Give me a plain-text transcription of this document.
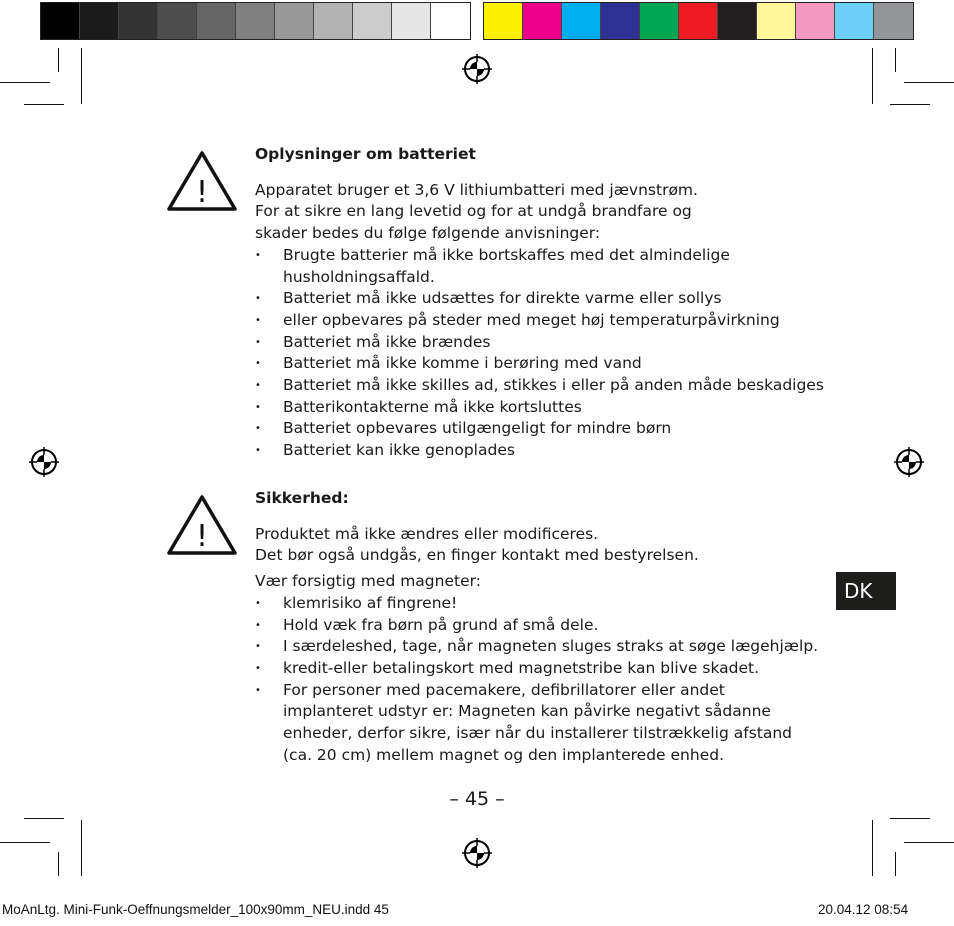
!
!

Oplysninger om batteriet

Apparatet bruger et 3,6 V lithiumbatteri med jævnstrøm.

For at sikre en lang levetid og for at undgå brandfare og

skader bedes du følge følgende anvisninger:

• Brugte batterier må ikke bortskaffes med det almindelige
husholdningsaffald.
• Batteriet må ikke udsættes for direkte varme eller sollys
• eller opbevares på steder med meget høj temperaturpåvirkning
• Batteriet må ikke brændes
• Batteriet må ikke komme i berøring med vand
• Batteriet må ikke skilles ad, stikkes i eller på anden måde beskadiges
• Batterikontakterne må ikke kortsluttes
• Batteriet opbevares utilgængeligt for mindre børn
• Batteriet kan ikke genoplades

Sikkerhed:

Produktet må ikke ændres eller modificeres.

Det bør også undgås, en finger kontakt med bestyrelsen.

Vær forsigtig med magneter:

• klemrisiko af fingrene!
• Hold væk fra børn på grund af små dele.
• I særdeleshed, tage, når magneten sluges straks at søge lægehjælp.
• kredit-eller betalingskort med magnetstribe kan blive skadet.
• For personer med pacemakere, defibrillatorer eller andet
implanteret udstyr er: Magneten kan påvirke negativt sådanne
enheder, derfor sikre, især når du installerer tilstrækkelig afstand
(ca. 20 cm) mellem magnet og den implanterede enhed.
DK
– 45 –
MoAnLtg. Mini-Funk-Oeffnungsmelder_100x90mm_NEU.indd 45	20.04.12 08:54
